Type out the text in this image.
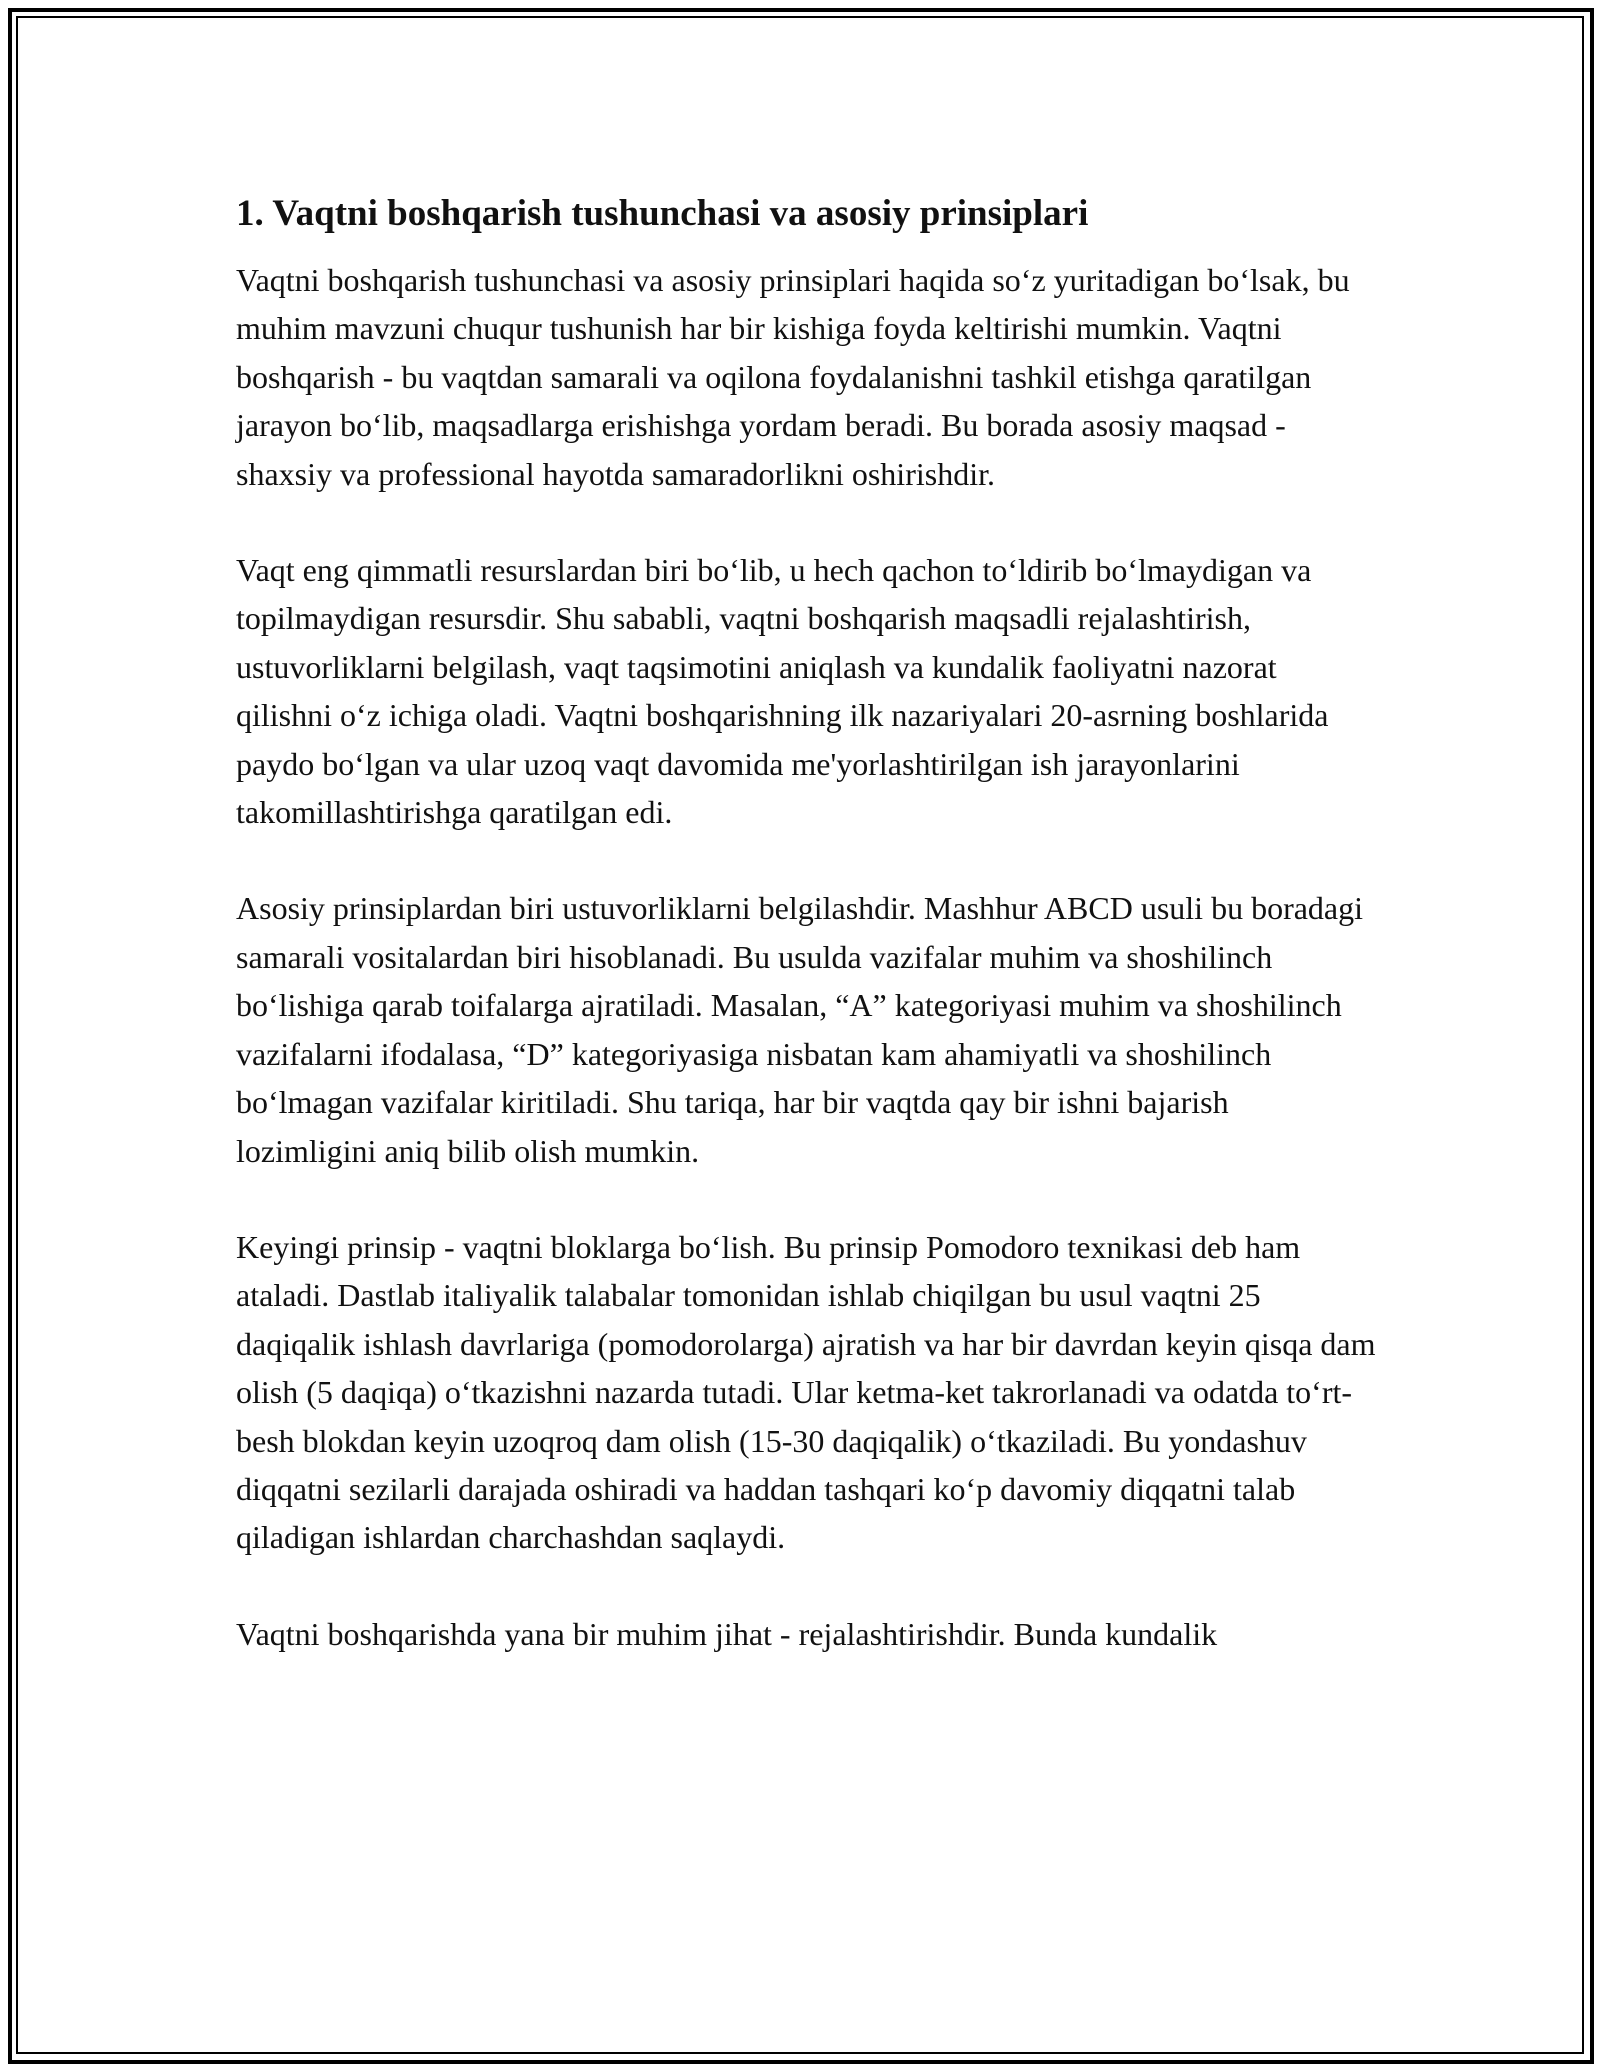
1. Vaqtni boshqarish tushunchasi va asosiy prinsiplari

Vaqtni boshqarish tushunchasi va asosiy prinsiplari haqida so‘z yuritadigan bo‘lsak, bu muhim mavzuni chuqur tushunish har bir kishiga foyda keltirishi mumkin. Vaqtni boshqarish - bu vaqtdan samarali va oqilona foydalanishni tashkil etishga qaratilgan jarayon bo‘lib, maqsadlarga erishishga yordam beradi. Bu borada asosiy maqsad - shaxsiy va professional hayotda samaradorlikni oshirishdir.

Vaqt eng qimmatli resurslardan biri bo‘lib, u hech qachon to‘ldirib bo‘lmaydigan va topilmaydigan resursdir. Shu sababli, vaqtni boshqarish maqsadli rejalashtirish, ustuvorliklarni belgilash, vaqt taqsimotini aniqlash va kundalik faoliyatni nazorat qilishni o‘z ichiga oladi. Vaqtni boshqarishning ilk nazariyalari 20-asrning boshlarida paydo bo‘lgan va ular uzoq vaqt davomida me'yorlashtirilgan ish jarayonlarini takomillashtirishga qaratilgan edi.

Asosiy prinsiplardan biri ustuvorliklarni belgilashdir. Mashhur ABCD usuli bu boradagi samarali vositalardan biri hisoblanadi. Bu usulda vazifalar muhim va shoshilinch bo‘lishiga qarab toifalarga ajratiladi. Masalan, “A” kategoriyasi muhim va shoshilinch vazifalarni ifodalasa, “D” kategoriyasiga nisbatan kam ahamiyatli va shoshilinch bo‘lmagan vazifalar kiritiladi. Shu tariqa, har bir vaqtda qay bir ishni bajarish lozimligini aniq bilib olish mumkin.

Keyingi prinsip - vaqtni bloklarga bo‘lish. Bu prinsip Pomodoro texnikasi deb ham ataladi. Dastlab italiyalik talabalar tomonidan ishlab chiqilgan bu usul vaqtni 25 daqiqalik ishlash davrlariga (pomodorolarga) ajratish va har bir davrdan keyin qisqa dam olish (5 daqiqa) o‘tkazishni nazarda tutadi. Ular ketma-ket takrorlanadi va odatda to‘rt-besh blokdan keyin uzoqroq dam olish (15-30 daqiqalik) o‘tkaziladi. Bu yondashuv diqqatni sezilarli darajada oshiradi va haddan tashqari ko‘p davomiy diqqatni talab qiladigan ishlardan charchashdan saqlaydi.

Vaqtni boshqarishda yana bir muhim jihat - rejalashtirishdir. Bunda kundalik
